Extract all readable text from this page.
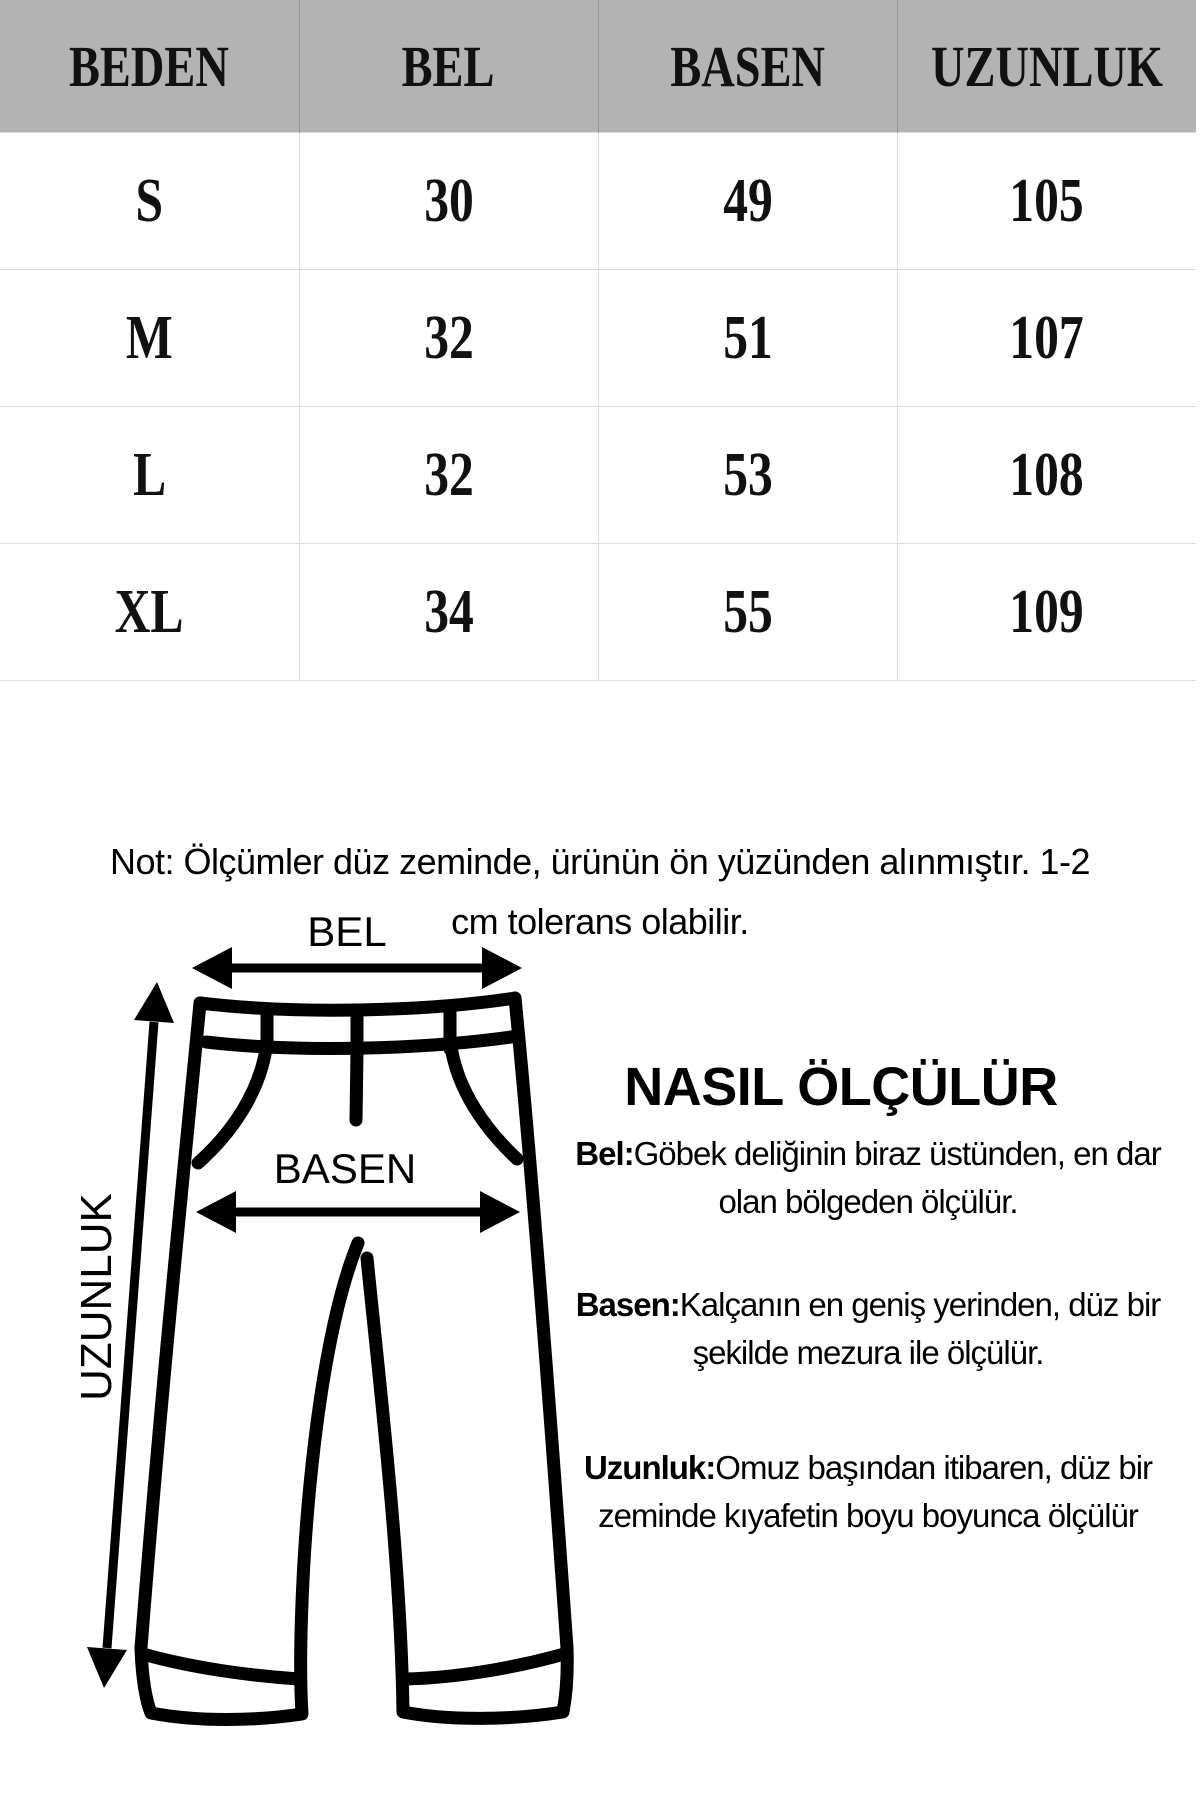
BEDEN	BEL	BASEN	UZUNLUK
S	30	49	105
M	32	51	107
L	32	53	108
XL	34	55	109
Not: Ölçümler düz zeminde, ürünün ön yüzünden alınmıştır. 1-2
cm tolerans olabilir.
BEL
BASEN
UZUNLUK
NASIL ÖLÇÜLÜR
Bel:Göbek deliğinin biraz üstünden, en dar
olan bölgeden ölçülür.
Basen:Kalçanın en geniş yerinden, düz bir
şekilde mezura ile ölçülür.
Uzunluk:Omuz başından itibaren, düz bir
zeminde kıyafetin boyu boyunca ölçülür
